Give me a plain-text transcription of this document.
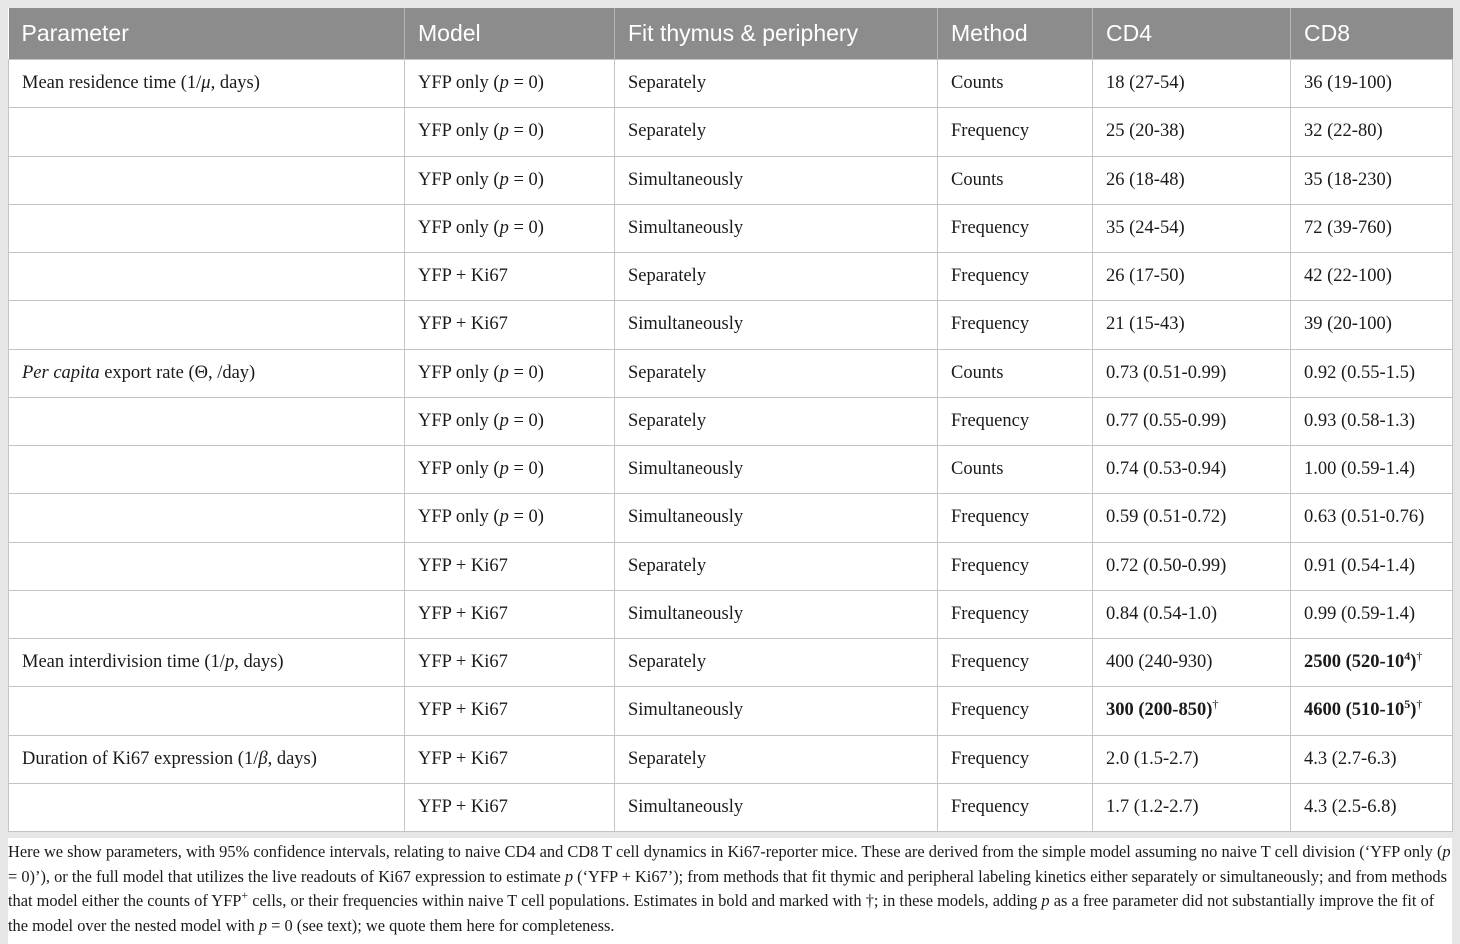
Parameter	Model	Fit thymus & periphery	Method	CD4	CD8
Mean residence time (1/μ, days)	YFP only (p = 0)	Separately	Counts	18 (27-54)	36 (19-100)
	YFP only (p = 0)	Separately	Frequency	25 (20-38)	32 (22-80)
	YFP only (p = 0)	Simultaneously	Counts	26 (18-48)	35 (18-230)
	YFP only (p = 0)	Simultaneously	Frequency	35 (24-54)	72 (39-760)
	YFP + Ki67	Separately	Frequency	26 (17-50)	42 (22-100)
	YFP + Ki67	Simultaneously	Frequency	21 (15-43)	39 (20-100)
Per capita export rate (Θ, /day)	YFP only (p = 0)	Separately	Counts	0.73 (0.51-0.99)	0.92 (0.55-1.5)
	YFP only (p = 0)	Separately	Frequency	0.77 (0.55-0.99)	0.93 (0.58-1.3)
	YFP only (p = 0)	Simultaneously	Counts	0.74 (0.53-0.94)	1.00 (0.59-1.4)
	YFP only (p = 0)	Simultaneously	Frequency	0.59 (0.51-0.72)	0.63 (0.51-0.76)
	YFP + Ki67	Separately	Frequency	0.72 (0.50-0.99)	0.91 (0.54-1.4)
	YFP + Ki67	Simultaneously	Frequency	0.84 (0.54-1.0)	0.99 (0.59-1.4)
Mean interdivision time (1/p, days)	YFP + Ki67	Separately	Frequency	400 (240-930)	2500 $(520-10^4)^\dagger$
	YFP + Ki67	Simultaneously	Frequency	300 (200-850)†	4600 $(510-10^5)^\dagger$
Duration of Ki67 expression (1/β, days)	YFP + Ki67	Separately	Frequency	2.0 (1.5-2.7)	4.3 (2.7-6.3)
	YFP + Ki67	Simultaneously	Frequency	1.7 (1.2-2.7)	4.3 (2.5-6.8)
Here we show parameters, with 95% confidence intervals, relating to naive CD4 and CD8 T cell dynamics in Ki67-reporter mice. These are derived from the simple model assuming no naive T cell division (‘YFP only (p = 0)’), or the full model that utilizes the live readouts of Ki67 expression to estimate p (‘YFP + Ki67’); from methods that fit thymic and peripheral labeling kinetics either separately or simultaneously; and from methods that model either the counts of YFP+ cells, or their frequencies within naive T cell populations. Estimates in bold and marked with †; in these models, adding p as a free parameter did not substantially improve the fit of the model over the nested model with p = 0 (see text); we quote them here for completeness.
